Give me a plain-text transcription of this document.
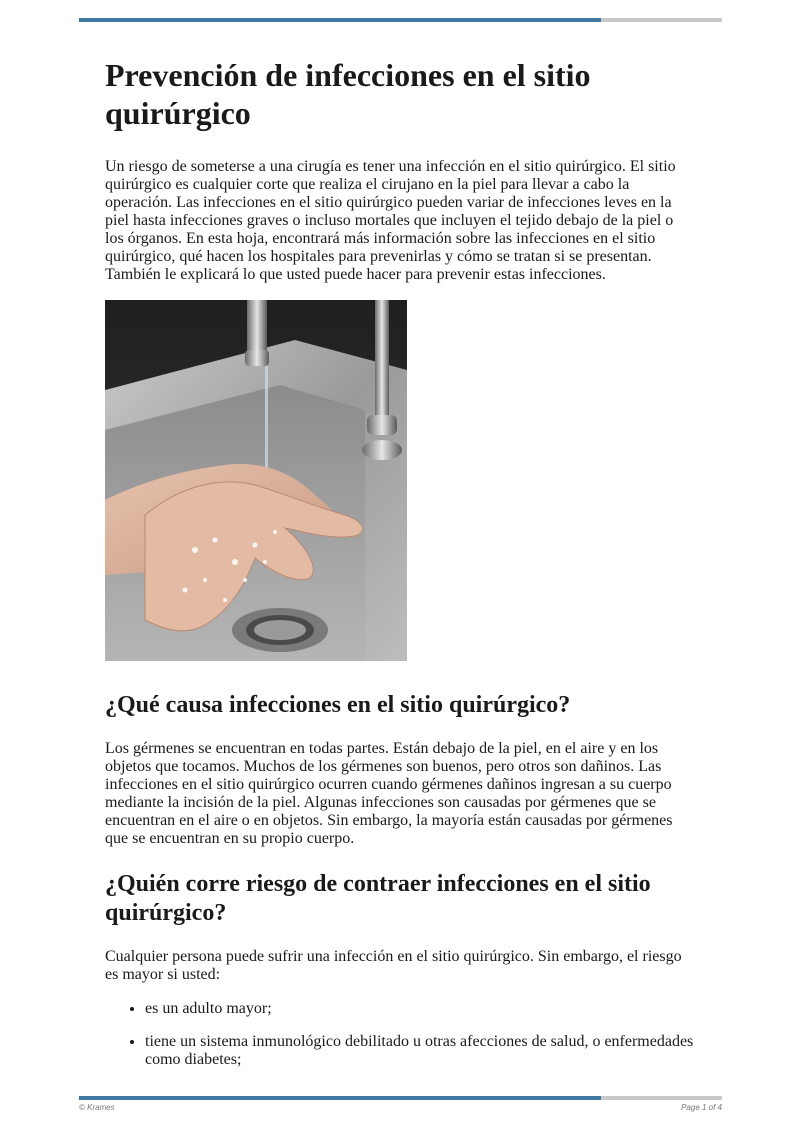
Prevención de infecciones en el sitio quirúrgico

Un riesgo de someterse a una cirugía es tener una infección en el sitio quirúrgico. El sitio quirúrgico es cualquier corte que realiza el cirujano en la piel para llevar a cabo la operación. Las infecciones en el sitio quirúrgico pueden variar de infecciones leves en la piel hasta infecciones graves o incluso mortales que incluyen el tejido debajo de la piel o los órganos. En esta hoja, encontrará más información sobre las infecciones en el sitio quirúrgico, qué hacen los hospitales para prevenirlas y cómo se tratan si se presentan. También le explicará lo que usted puede hacer para prevenir estas infecciones.

¿Qué causa infecciones en el sitio quirúrgico?

Los gérmenes se encuentran en todas partes. Están debajo de la piel, en el aire y en los objetos que tocamos. Muchos de los gérmenes son buenos, pero otros son dañinos. Las infecciones en el sitio quirúrgico ocurren cuando gérmenes dañinos ingresan a su cuerpo mediante la incisión de la piel. Algunas infecciones son causadas por gérmenes que se encuentran en el aire o en objetos. Sin embargo, la mayoría están causadas por gérmenes que se encuentran en su propio cuerpo.

¿Quién corre riesgo de contraer infecciones en el sitio quirúrgico?

Cualquier persona puede sufrir una infección en el sitio quirúrgico. Sin embargo, el riesgo es mayor si usted:

• es un adulto mayor;
• tiene un sistema inmunológico debilitado u otras afecciones de salud, o enfermedades como diabetes;
© Krames	Page 1 of 4
